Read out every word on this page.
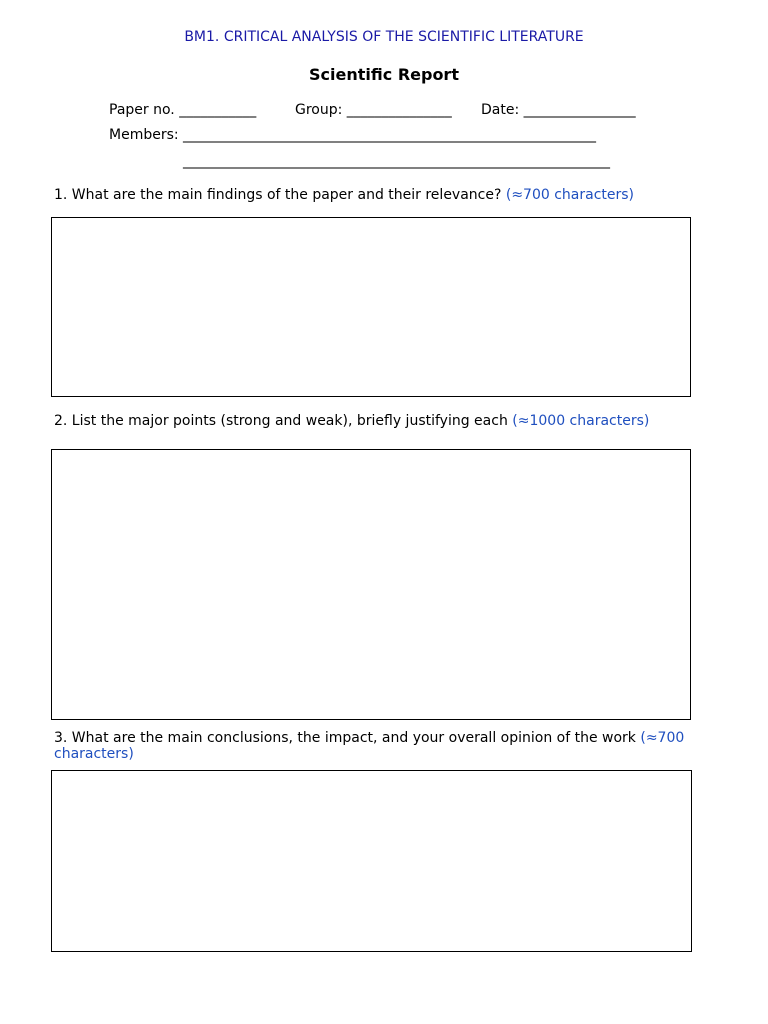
BM1. CRITICAL ANALYSIS OF THE SCIENTIFIC LITERATURE
Scientific Report
Paper no. ___________	Group: _______________ Date: ________________
Members: ___________________________________________________________
_____________________________________________________________
1. What are the main findings of the paper and their relevance? (≈700 characters)
2. List the major points (strong and weak), briefly justifying each (≈1000 characters)
3. What are the main conclusions, the impact, and your overall opinion of the work (≈700
characters)
